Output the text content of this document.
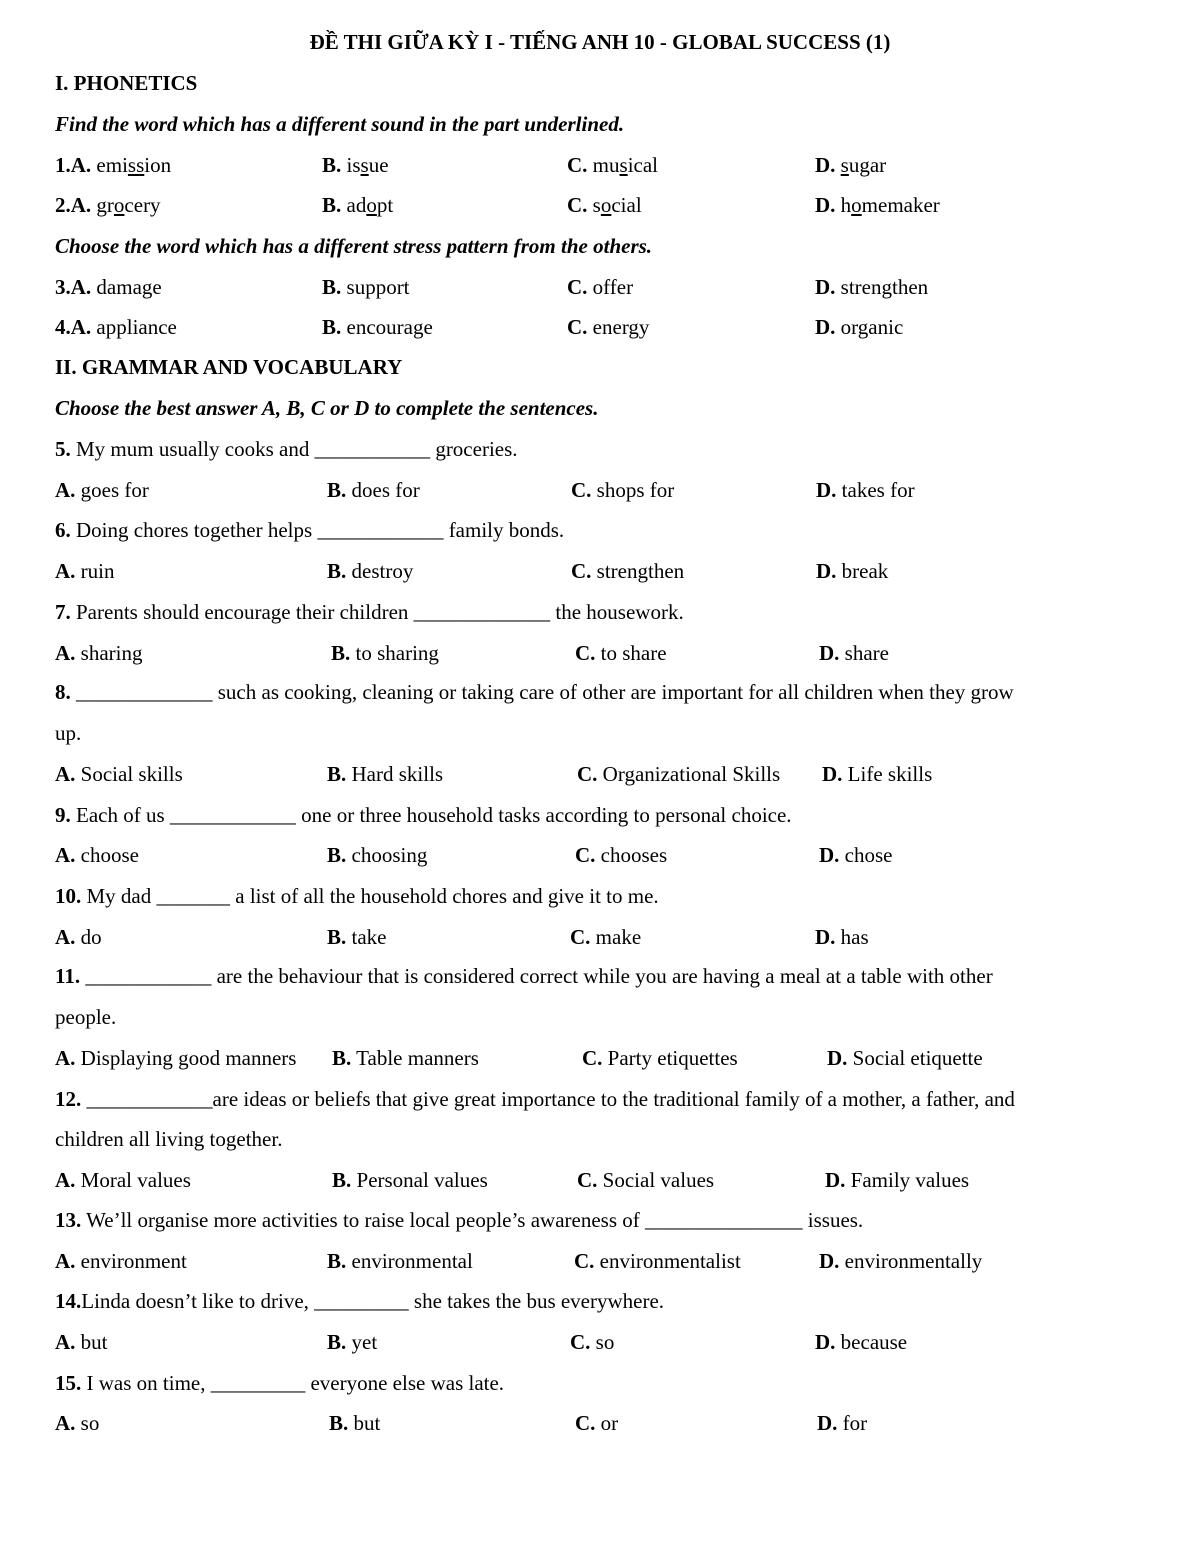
ĐỀ THI GIỮA KỲ I - TIẾNG ANH 10 - GLOBAL SUCCESS (1)
I. PHONETICS
Find the word which has a different sound in the part underlined.
1.A. emission	B. issue	C. musical	D. sugar
2.A. grocery	B. adopt	C. social	D. homemaker
Choose the word which has a different stress pattern from the others.
3.A. damage	B. support	C. offer	D. strengthen
4.A. appliance	B. encourage	C. energy	D. organic
II. GRAMMAR AND VOCABULARY
Choose the best answer A, B, C or D to complete the sentences.
5. My mum usually cooks and ___________ groceries.
A. goes for	B. does for	C. shops for	D. takes for
6. Doing chores together helps ____________ family bonds.
A. ruin	B. destroy	C. strengthen	D. break
7. Parents should encourage their children _____________ the housework.
A. sharing	B. to sharing	C. to share	D. share
8. _____________ such as cooking, cleaning or taking care of other are important for all children when they grow
up.
A. Social skills	B. Hard skills	C. Organizational Skills D. Life skills
9. Each of us ____________ one or three household tasks according to personal choice.
A. choose	B. choosing	C. chooses	D. chose
10. My dad _______ a list of all the household chores and give it to me.
A. do	B. take	C. make	D. has
11. ____________ are the behaviour that is considered correct while you are having a meal at a table with other
people.
A. Displaying good manners B. Table manners	C. Party etiquettes	D. Social etiquette
12. ____________are ideas or beliefs that give great importance to the traditional family of a mother, a father, and
children all living together.
A. Moral values	B. Personal values	C. Social values	D. Family values
13. We’ll organise more activities to raise local people’s awareness of _______________ issues.
A. environment	B. environmental	C. environmentalist	D. environmentally
14.Linda doesn’t like to drive, _________ she takes the bus everywhere.
A. but	B. yet	C. so	D. because
15. I was on time, _________ everyone else was late.
A. so	B. but	C. or	D. for
